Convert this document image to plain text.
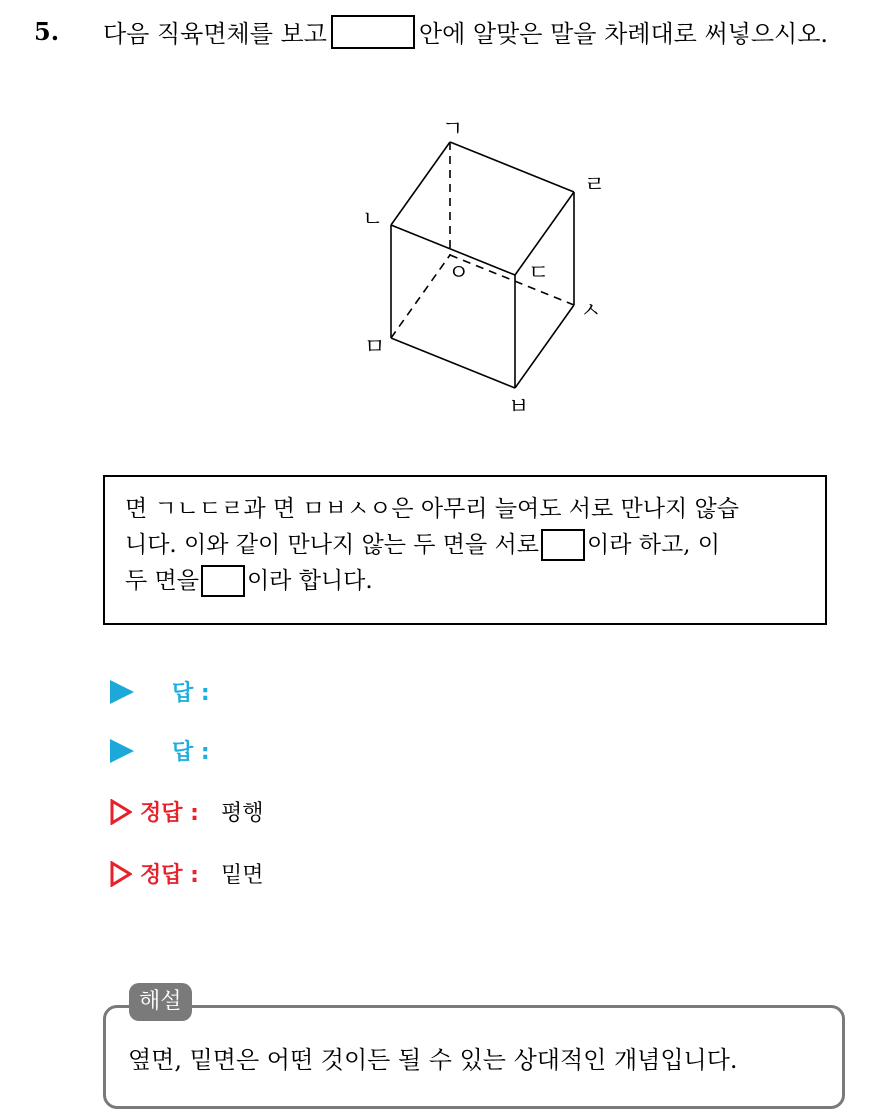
5. 다음 직육면체를 보고	안에 알맞은 말을 차례대로 써넣으시오.
ㄱ
ㄴ
ㄹ
ㅇ	ㄷ
ㅅ
ㅁ
ㅂ
면 ㄱㄴㄷㄹ과 면 ㅁㅂㅅㅇ은 아무리 늘여도 서로 만나지 않습
니다. 이와 같이 만나지 않는 두 면을 서로 이라 하고, 이
두 면을 이라 합니다.
답 :
답 :
정답 : 평행
정답 : 밑면
해설
옆면, 밑면은 어떤 것이든 될 수 있는 상대적인 개념입니다.
